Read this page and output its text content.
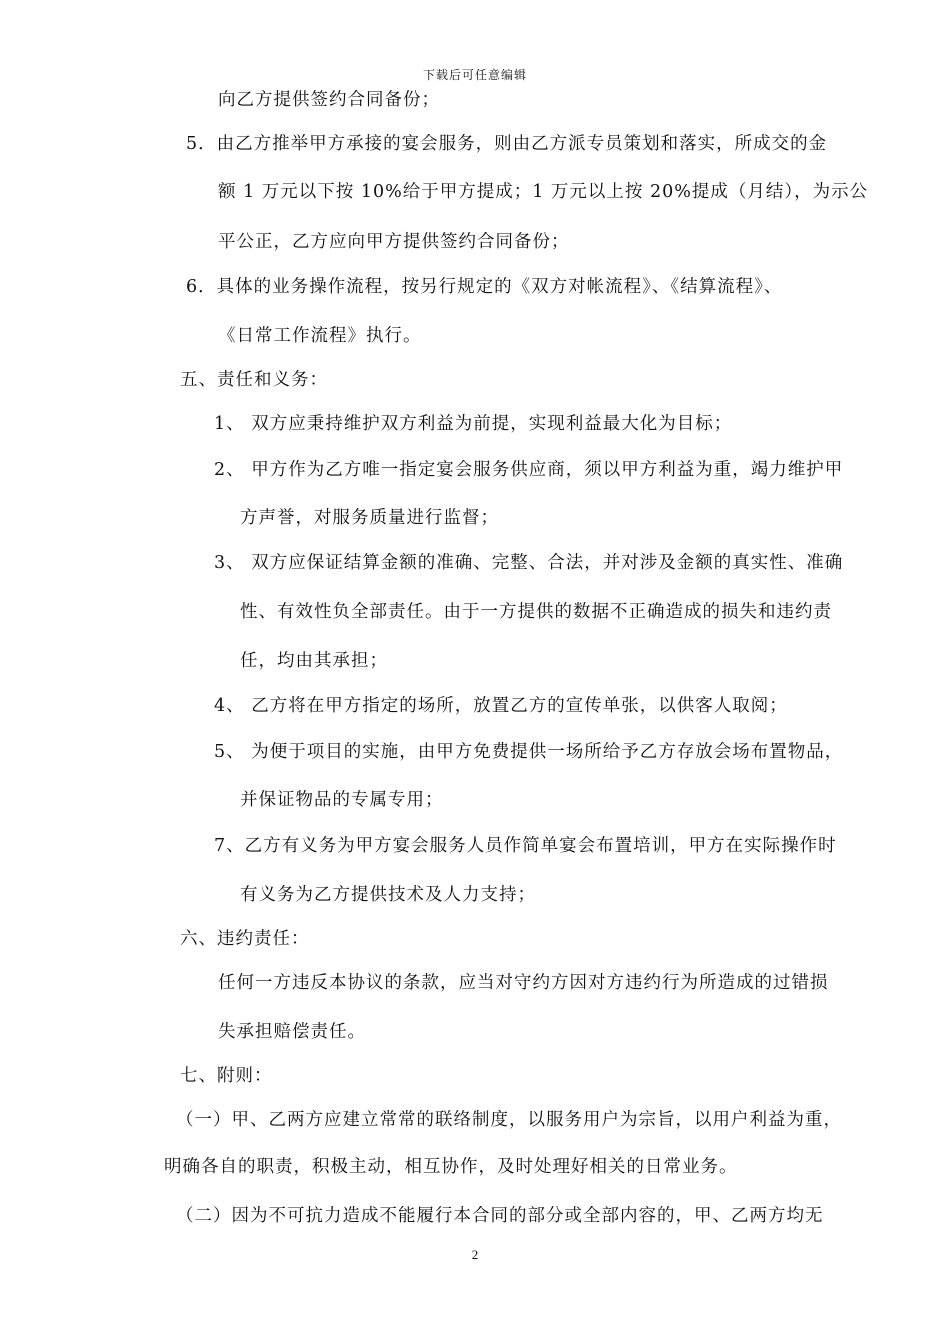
下载后可任意编辑
向乙方提供签约合同备份；
5．由乙方推举甲方承接的宴会服务，则由乙方派专员策划和落实，所成交的金
额 1 万元以下按 10%给于甲方提成；1 万元以上按 20%提成（月结），为示公
平公正，乙方应向甲方提供签约合同备份；
6．具体的业务操作流程，按另行规定的《双方对帐流程》、《结算流程》、
《日常工作流程》执行。
五、责任和义务：
1、 双方应秉持维护双方利益为前提，实现利益最大化为目标；
2、 甲方作为乙方唯一指定宴会服务供应商，须以甲方利益为重，竭力维护甲
方声誉，对服务质量进行监督；
3、 双方应保证结算金额的准确、完整、合法，并对涉及金额的真实性、准确
性、有效性负全部责任。由于一方提供的数据不正确造成的损失和违约责
任，均由其承担；
4、 乙方将在甲方指定的场所，放置乙方的宣传单张，以供客人取阅；
5、 为便于项目的实施，由甲方免费提供一场所给予乙方存放会场布置物品，
并保证物品的专属专用；
7、乙方有义务为甲方宴会服务人员作简单宴会布置培训，甲方在实际操作时
有义务为乙方提供技术及人力支持；
六、违约责任：
任何一方违反本协议的条款，应当对守约方因对方违约行为所造成的过错损
失承担赔偿责任。
七、附则：
（一）甲、乙两方应建立常常的联络制度，以服务用户为宗旨，以用户利益为重，
明确各自的职责，积极主动，相互协作，及时处理好相关的日常业务。
（二）因为不可抗力造成不能履行本合同的部分或全部内容的，甲、乙两方均无
2
